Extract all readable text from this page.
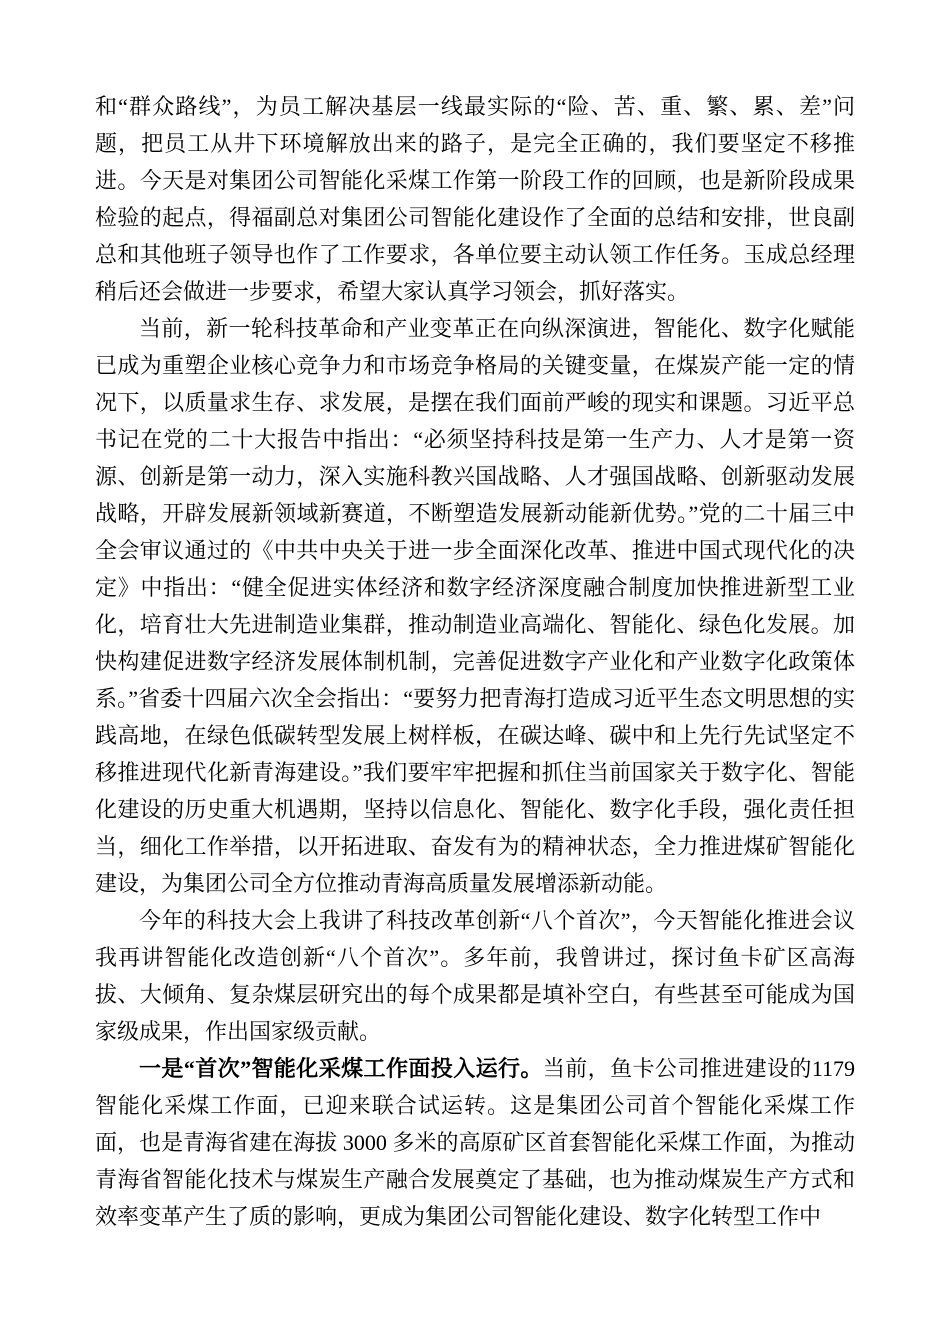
和“群众路线”，为员工解决基层一线最实际的“险、苦、重、繁、累、差”问题，把员工从井下环境解放出来的路子，是完全正确的，我们要坚定不移推进。今天是对集团公司智能化采煤工作第一阶段工作的回顾，也是新阶段成果检验的起点，得福副总对集团公司智能化建设作了全面的总结和安排，世良副总和其他班子领导也作了工作要求，各单位要主动认领工作任务。玉成总经理稍后还会做进一步要求，希望大家认真学习领会，抓好落实。

当前，新一轮科技革命和产业变革正在向纵深演进，智能化、数字化赋能已成为重塑企业核心竞争力和市场竞争格局的关键变量，在煤炭产能一定的情况下，以质量求生存、求发展，是摆在我们面前严峻的现实和课题。习近平总书记在党的二十大报告中指出：“必须坚持科技是第一生产力、人才是第一资源、创新是第一动力，深入实施科教兴国战略、人才强国战略、创新驱动发展战略，开辟发展新领域新赛道，不断塑造发展新动能新优势。”党的二十届三中全会审议通过的《中共中央关于进一步全面深化改革、推进中国式现代化的决定》中指出：“健全促进实体经济和数字经济深度融合制度加快推进新型工业化，培育壮大先进制造业集群，推动制造业高端化、智能化、绿色化发展。加快构建促进数字经济发展体制机制，完善促进数字产业化和产业数字化政策体系。”省委十四届六次全会指出：“要努力把青海打造成习近平生态文明思想的实践高地，在绿色低碳转型发展上树样板，在碳达峰、碳中和上先行先试坚定不移推进现代化新青海建设。”我们要牢牢把握和抓住当前国家关于数字化、智能化建设的历史重大机遇期，坚持以信息化、智能化、数字化手段，强化责任担当，细化工作举措，以开拓进取、奋发有为的精神状态，全力推进煤矿智能化建设，为集团公司全方位推动青海高质量发展增添新动能。

今年的科技大会上我讲了科技改革创新“八个首次”，今天智能化推进会议我再讲智能化改造创新“八个首次”。多年前，我曾讲过，探讨鱼卡矿区高海拔、大倾角、复杂煤层研究出的每个成果都是填补空白，有些甚至可能成为国家级成果，作出国家级贡献。

一是“首次”智能化采煤工作面投入运行。当前，鱼卡公司推进建设的1179 智能化采煤工作面，已迎来联合试运转。这是集团公司首个智能化采煤工作面，也是青海省建在海拔 3000 多米的高原矿区首套智能化采煤工作面，为推动青海省智能化技术与煤炭生产融合发展奠定了基础，也为推动煤炭生产方式和效率变革产生了质的影响，更成为集团公司智能化建设、数字化转型工作中
